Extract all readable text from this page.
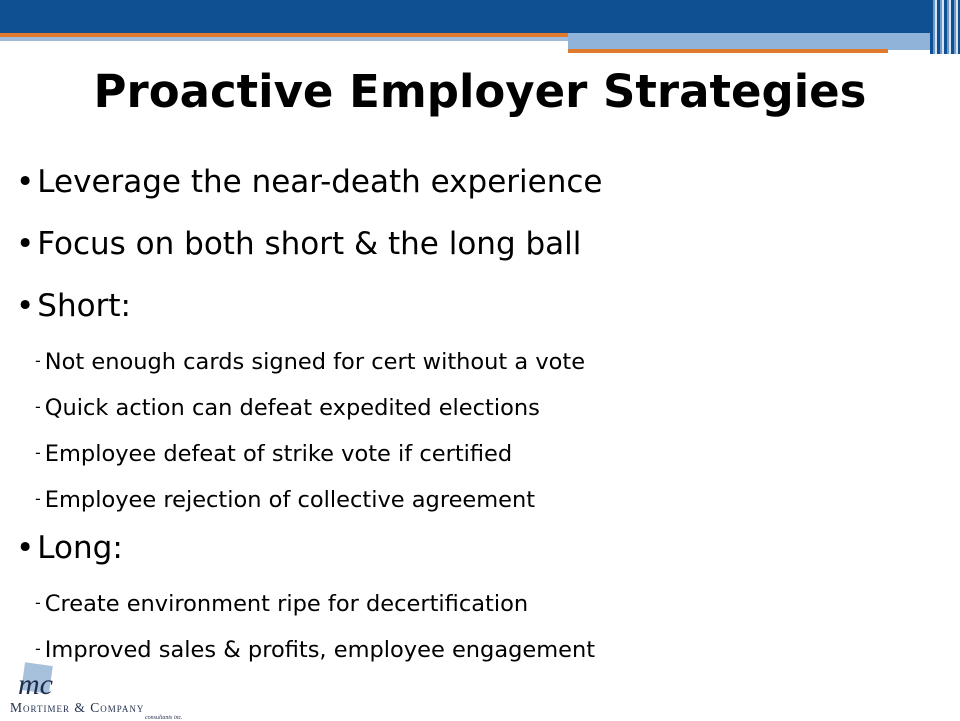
Proactive Employer Strategies
•Leverage the near-death experience
•Focus on both short & the long ball
•Short:
- Not enough cards signed for cert without a vote
- Quick action can defeat expedited elections
- Employee defeat of strike vote if certified
- Employee rejection of collective agreement
•Long:
- Create environment ripe for decertification
- Improved sales & profits, employee engagement
mc
Mortimer & Company
consultants inc.
